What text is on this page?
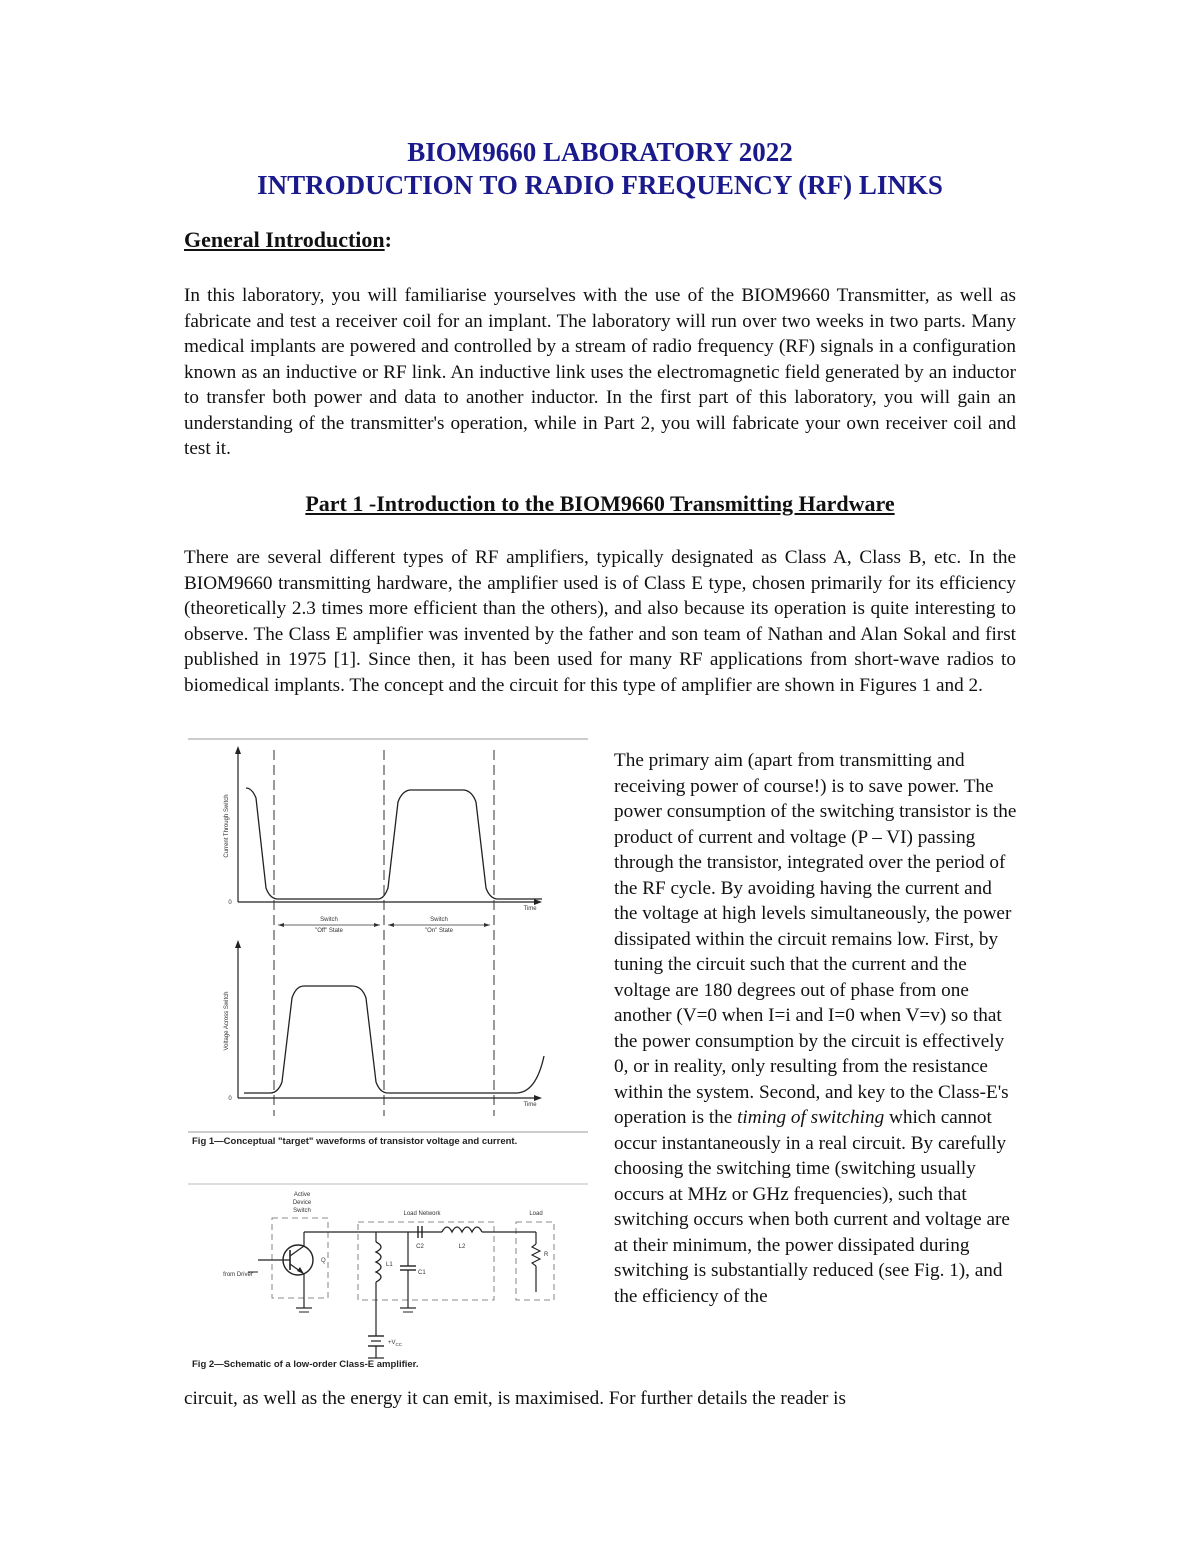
BIOM9660 LABORATORY 2022
INTRODUCTION TO RADIO FREQUENCY (RF) LINKS
General Introduction:

In this laboratory, you will familiarise yourselves with the use of the BIOM9660 Transmitter, as well as fabricate and test a receiver coil for an implant. The laboratory will run over two weeks in two parts. Many medical implants are powered and controlled by a stream of radio frequency (RF) signals in a configuration known as an inductive or RF link. An inductive link uses the electromagnetic field generated by an inductor to transfer both power and data to another inductor. In the first part of this laboratory, you will gain an understanding of the transmitter's operation, while in Part 2, you will fabricate your own receiver coil and test it.

Part 1 -Introduction to the BIOM9660 Transmitting Hardware

There are several different types of RF amplifiers, typically designated as Class A, Class B, etc. In the BIOM9660 transmitting hardware, the amplifier used is of Class E type, chosen primarily for its efficiency (theoretically 2.3 times more efficient than the others), and also because its operation is quite interesting to observe. The Class E amplifier was invented by the father and son team of Nathan and Alan Sokal and first published in 1975 [1]. Since then, it has been used for many RF applications from short-wave radios to biomedical implants. The concept and the circuit for this type of amplifier are shown in Figures 1 and 2.

0
Time
Current Through Switch
Switch
"Off" State
Switch
"On" State
0
Time
Voltage Across Switch
Active
Device
Switch	Load Network	Load
from Driver
Q
C2	L2
R
L1
C1
$+V_{CC}$
Fig 1—Conceptual "target" waveforms of transistor voltage and current.
Fig 2—Schematic of a low-order Class-E amplifier.

The primary aim (apart from transmitting and receiving power of course!) is to save power. The power consumption of the switching transistor is the product of current and voltage (P – VI) passing through the transistor, integrated over the period of the RF cycle. By avoiding having the current and the voltage at high levels simultaneously, the power dissipated within the circuit remains low. First, by tuning the circuit such that the current and the voltage are 180 degrees out of phase from one another (V=0 when I=i and I=0 when V=v) so that the power consumption by the circuit is effectively 0, or in reality, only resulting from the resistance within the system. Second, and key to the Class-E's operation is the timing of switching which cannot occur instantaneously in a real circuit. By carefully choosing the switching time (switching usually occurs at MHz or GHz frequencies), such that switching occurs when both current and voltage are at their minimum, the power dissipated during switching is substantially reduced (see Fig. 1), and the efficiency of the

circuit, as well as the energy it can emit, is maximised. For further details the reader is
